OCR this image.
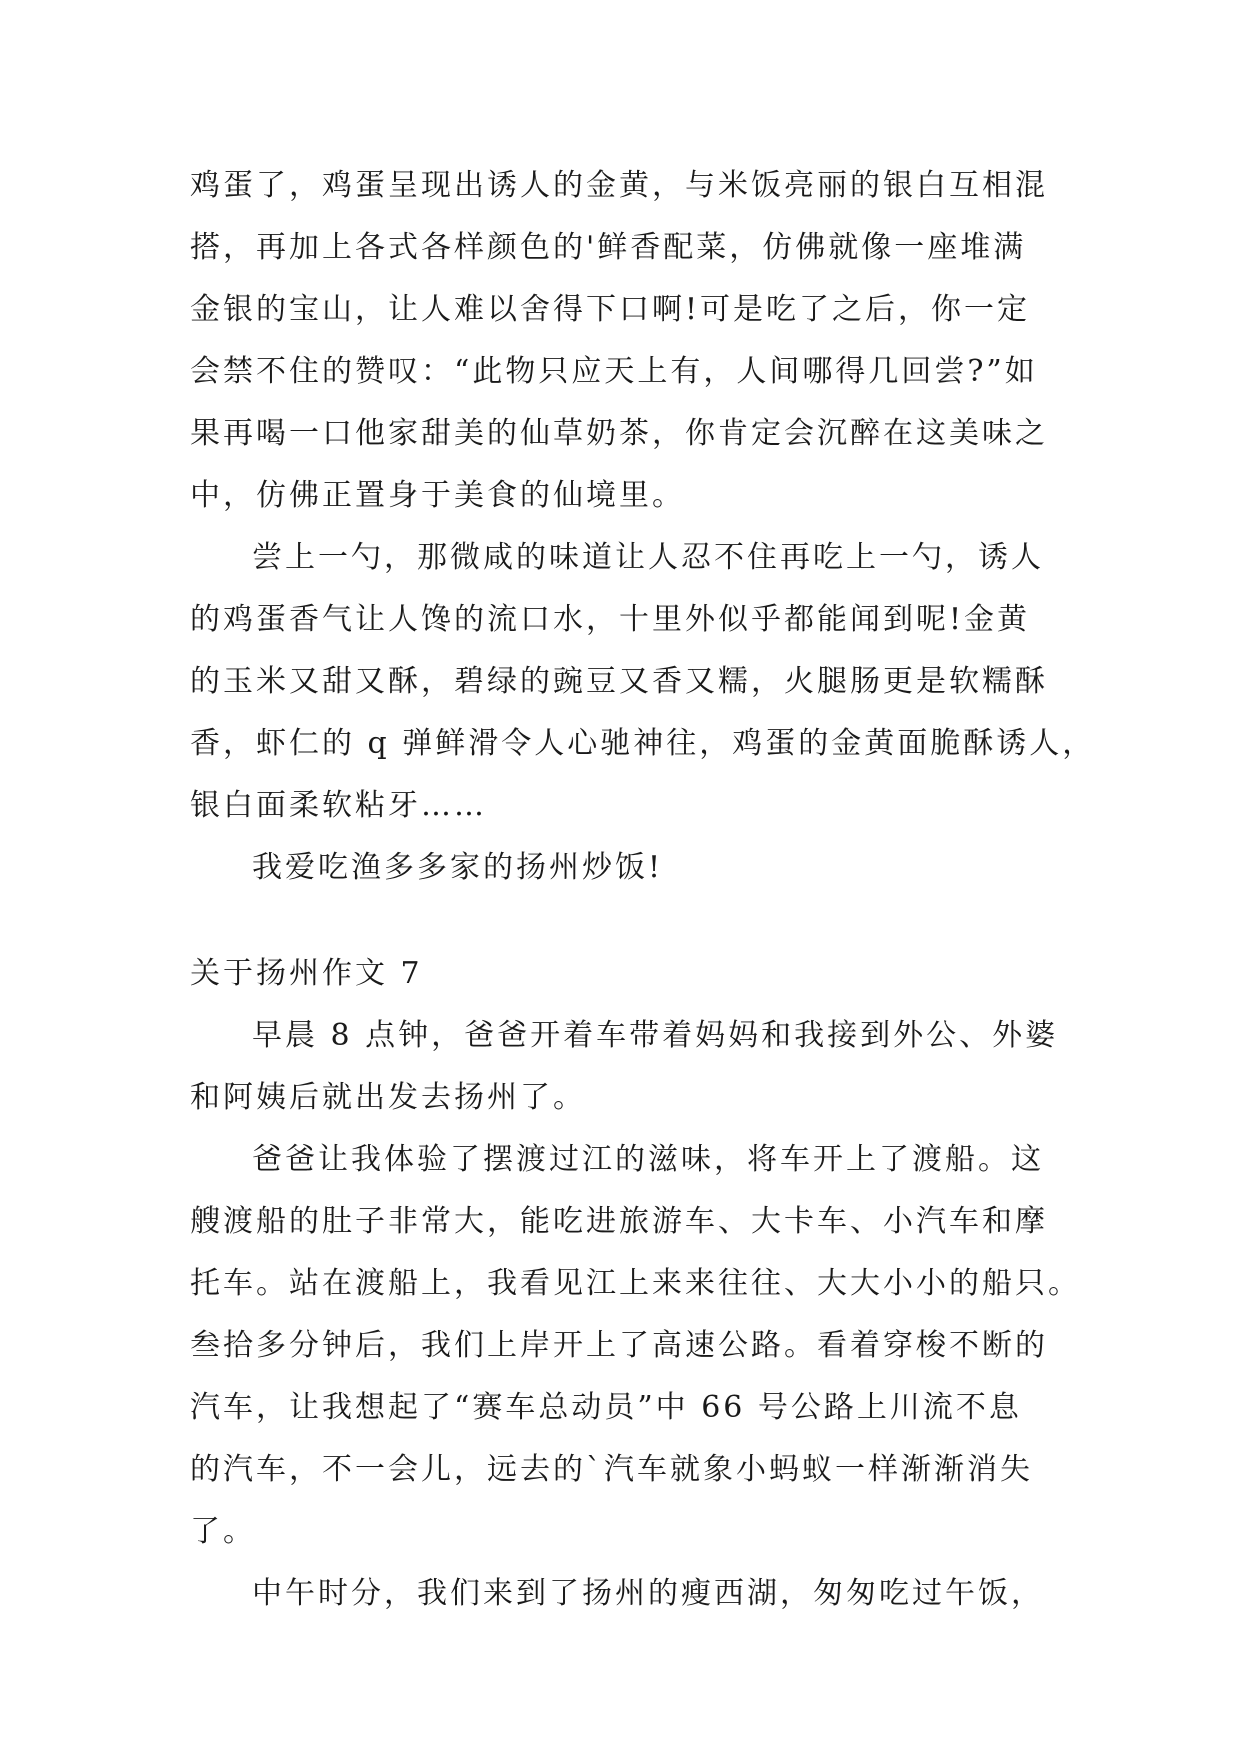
鸡蛋了，鸡蛋呈现出诱人的金黄，与米饭亮丽的银白互相混
搭，再加上各式各样颜色的'鲜香配菜，仿佛就像一座堆满
金银的宝山，让人难以舍得下口啊!可是吃了之后，你一定
会禁不住的赞叹：“此物只应天上有，人间哪得几回尝?”如
果再喝一口他家甜美的仙草奶茶，你肯定会沉醉在这美味之
中，仿佛正置身于美食的仙境里。
尝上一勺，那微咸的味道让人忍不住再吃上一勺，诱人
的鸡蛋香气让人馋的流口水，十里外似乎都能闻到呢!金黄
的玉米又甜又酥，碧绿的豌豆又香又糯，火腿肠更是软糯酥
香，虾仁的 q 弹鲜滑令人心驰神往，鸡蛋的金黄面脆酥诱人，
银白面柔软粘牙……
我爱吃渔多多家的扬州炒饭!
关于扬州作文 7
早晨 8 点钟，爸爸开着车带着妈妈和我接到外公、外婆
和阿姨后就出发去扬州了。
爸爸让我体验了摆渡过江的滋味，将车开上了渡船。这
艘渡船的肚子非常大，能吃进旅游车、大卡车、小汽车和摩
托车。站在渡船上，我看见江上来来往往、大大小小的船只。
叁拾多分钟后，我们上岸开上了高速公路。看着穿梭不断的
汽车，让我想起了“赛车总动员”中 66 号公路上川流不息
的汽车，不一会儿，远去的`汽车就象小蚂蚁一样渐渐消失
了。
中午时分，我们来到了扬州的瘦西湖，匆匆吃过午饭，
